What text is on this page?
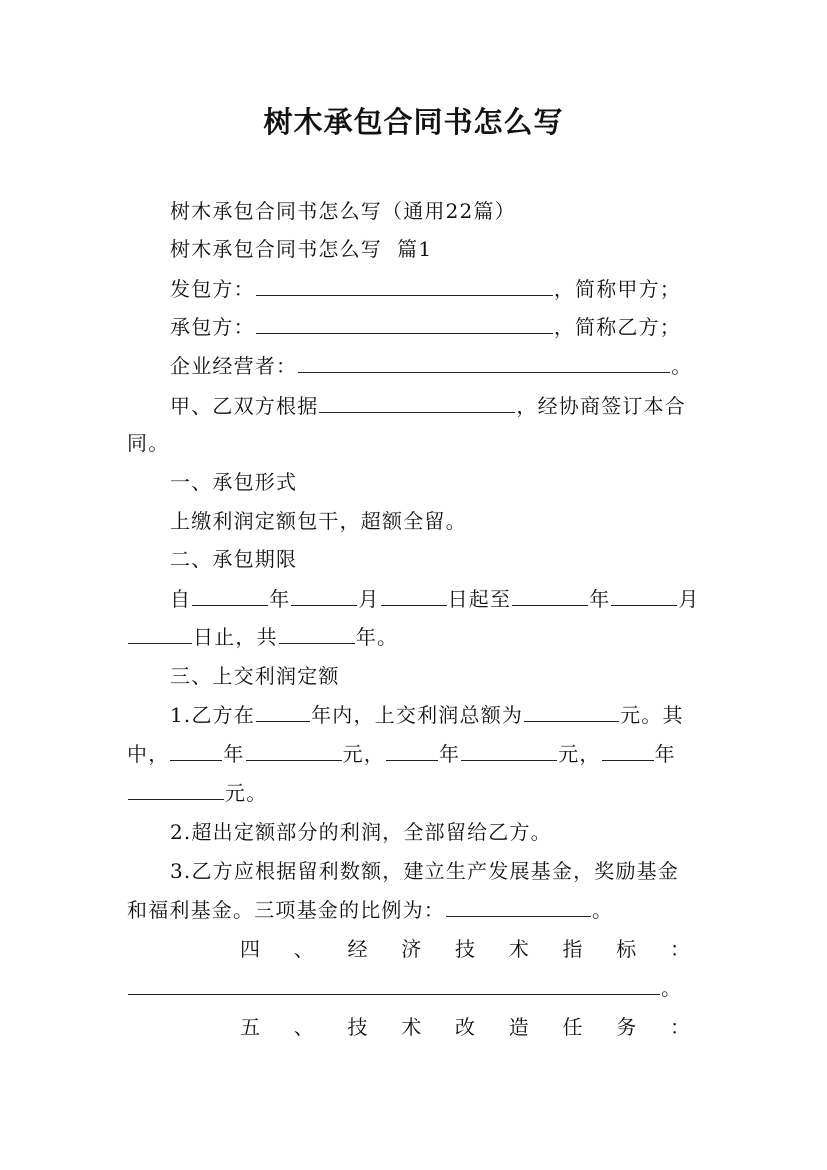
树木承包合同书怎么写
树木承包合同书怎么写（通用22篇）
树木承包合同书怎么写  篇1
发包方：	，简称甲方；
承包方：	，简称乙方；
企业经营者：	。
甲、乙双方根据	，经协商签订本合
同。
一、承包形式
上缴利润定额包干，超额全留。
二、承包期限
自	年	月	日起至	年	月
日止，共	年。
三、上交利润定额
1.乙方在	年内，上交利润总额为	元。其
中，	年	元，	年	元，	年
元。
2.超出定额部分的利润，全部留给乙方。
3.乙方应根据留利数额，建立生产发展基金，奖励基金
和福利基金。三项基金的比例为：	。
四 、 经 济 技 术 指 标 ：
。
五 、 技 术 改 造 任 务 ：
